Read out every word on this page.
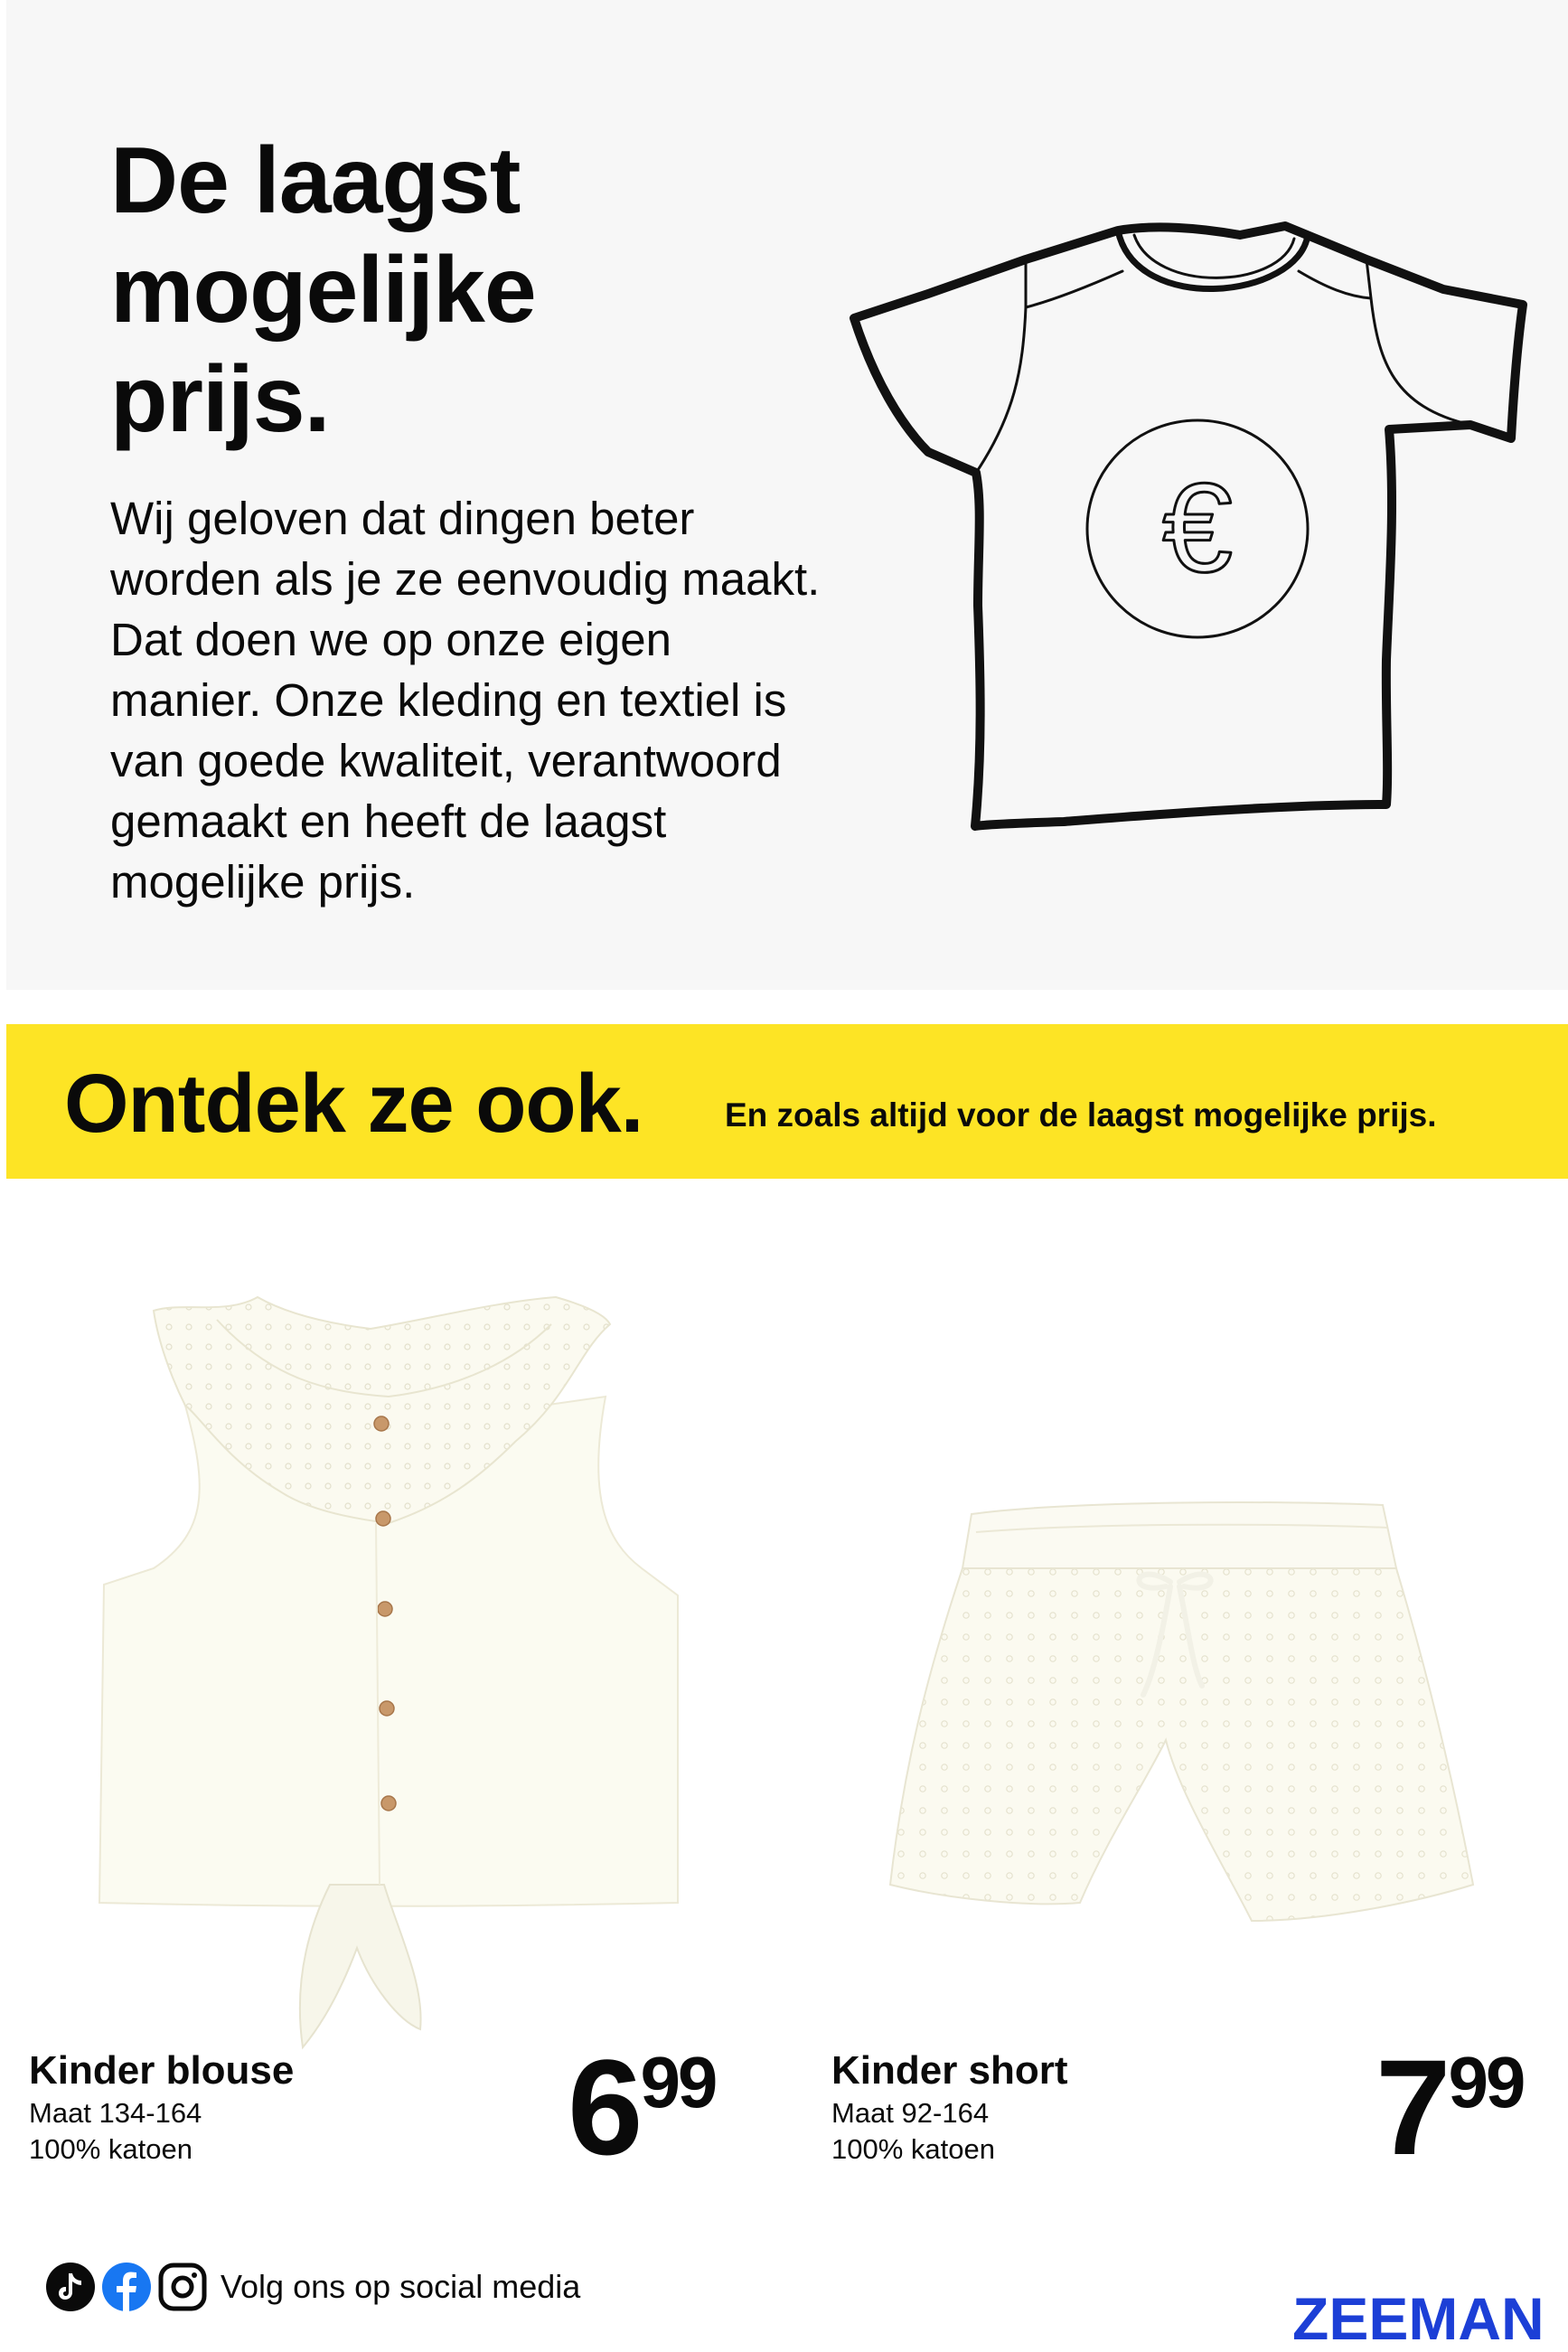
De laagst
mogelijke
prijs.

Wij geloven dat dingen beter
worden als je ze eenvoudig maakt.
Dat doen we op onze eigen
manier. Onze kleding en textiel is
van goede kwaliteit, verantwoord
gemaakt en heeft de laagst
mogelijke prijs.

€
Ontdek ze ook. En zoals altijd voor de laagst mogelijke prijs.
Kinder blouse
Maat 134-164
100% katoen	699	Kinder short
Maat 92-164
100% katoen	799
Volg ons op social media	ZEEMAN
